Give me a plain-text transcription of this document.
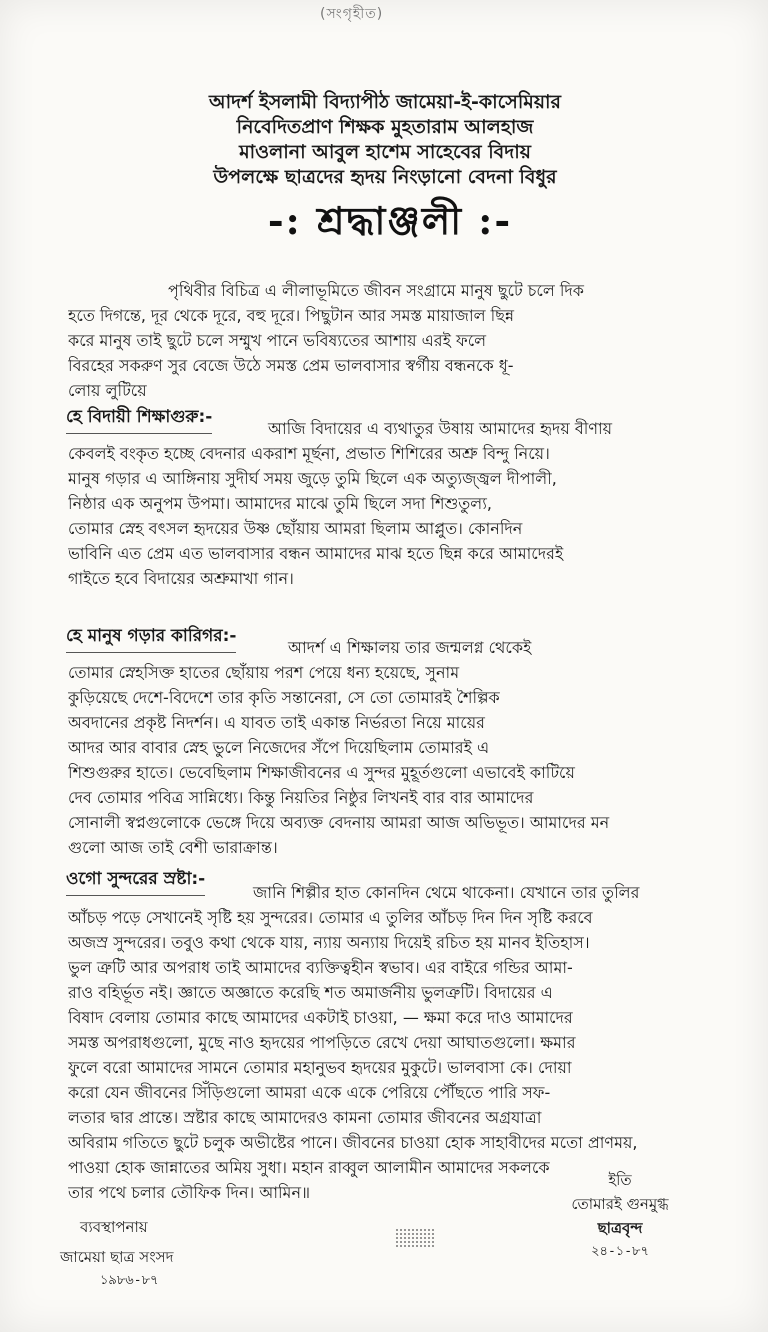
(সংগৃহীত)
আদর্শ ইসলামী বিদ্যাপীঠ জামেয়া-ই-কাসেমিয়ার
নিবেদিতপ্রাণ শিক্ষক মুহতারাম আলহাজ
মাওলানা আবুল হাশেম সাহেবের বিদায়
উপলক্ষে ছাত্রদের হৃদয় নিংড়ানো বেদনা বিধুর
-: শ্রদ্ধাঞ্জলী :-
পৃথিবীর বিচিত্র এ লীলাভূমিতে জীবন সংগ্রামে মানুষ ছুটে চলে দিক
হতে দিগন্তে, দূর থেকে দূরে, বহু দূরে। পিছুটান আর সমস্ত মায়াজাল ছিন্ন
করে মানুষ তাই ছুটে চলে সম্মুখ পানে ভবিষ্যতের আশায় এরই ফলে
বিরহের সকরুণ সুর বেজে উঠে সমস্ত প্রেম ভালবাসার স্বর্গীয় বন্ধনকে ধূ-
লোয় লুটিয়ে
হে বিদায়ী শিক্ষাগুরু:-
আজি বিদায়ের এ ব্যথাতুর উষায় আমাদের হৃদয় বীণায়
কেবলই বংকৃত হচ্ছে বেদনার একরাশ মূর্ছনা, প্রভাত শিশিরের অশ্রু বিন্দু নিয়ে।
মানুষ গড়ার এ আঙ্গিনায় সুদীর্ঘ সময় জুড়ে তুমি ছিলে এক অত্যুজ্জ্বল দীপালী,
নিষ্ঠার এক অনুপম উপমা। আমাদের মাঝে তুমি ছিলে সদা শিশুতুল্য,
তোমার স্নেহ বৎসল হৃদয়ের উষ্ণ ছোঁয়ায় আমরা ছিলাম আপ্লুত। কোনদিন
ভাবিনি এত প্রেম এত ভালবাসার বন্ধন আমাদের মাঝ হতে ছিন্ন করে আমাদেরই
গাইতে হবে বিদায়ের অশ্রুমাখা গান।
হে মানুষ গড়ার কারিগর:-
আদর্শ এ শিক্ষালয় তার জন্মলগ্ন থেকেই
তোমার স্নেহসিক্ত হাতের ছোঁয়ায় পরশ পেয়ে ধন্য হয়েছে, সুনাম
কুড়িয়েছে দেশে-বিদেশে তার কৃতি সন্তানেরা, সে তো তোমারই শৈল্পিক
অবদানের প্রকৃষ্ট নিদর্শন। এ যাবত তাই একান্ত নির্ভরতা নিয়ে মায়ের
আদর আর বাবার স্নেহ ভুলে নিজেদের সঁপে দিয়েছিলাম তোমারই এ
শিশুগুরুর হাতে। ভেবেছিলাম শিক্ষাজীবনের এ সুন্দর মুহূর্তগুলো এভাবেই কাটিয়ে
দেব তোমার পবিত্র সান্নিধ্যে। কিন্তু নিয়তির নিষ্ঠুর লিখনই বার বার আমাদের
সোনালী স্বপ্নগুলোকে ভেঙ্গে দিয়ে অব্যক্ত বেদনায় আমরা আজ অভিভূত। আমাদের মন
গুলো আজ তাই বেশী ভারাক্রান্ত।
ওগো সুন্দরের স্রষ্টা:-
জানি শিল্পীর হাত কোনদিন থেমে থাকেনা। যেখানে তার তুলির
আঁচড় পড়ে সেখানেই সৃষ্টি হয় সুন্দরের। তোমার এ তুলির আঁচড় দিন দিন সৃষ্টি করবে
অজস্র সুন্দরের। তবুও কথা থেকে যায়, ন্যায় অন্যায় দিয়েই রচিত হয় মানব ইতিহাস।
ভুল ত্রুটি আর অপরাধ তাই আমাদের ব্যক্তিত্বহীন স্বভাব। এর বাইরে গন্ডির আমা-
রাও বহির্ভূত নই। জ্ঞাতে অজ্ঞাতে করেছি শত অমার্জনীয় ভুলত্রুটি। বিদায়ের এ
বিষাদ বেলায় তোমার কাছে আমাদের একটাই চাওয়া, — ক্ষমা করে দাও আমাদের
সমস্ত অপরাধগুলো, মুছে নাও হৃদয়ের পাপড়িতে রেখে দেয়া আঘাতগুলো। ক্ষমার
ফুলে বরো আমাদের সামনে তোমার মহানুভব হৃদয়ের মুকুটে। ভালবাসা কে। দোয়া
করো যেন জীবনের সিঁড়িগুলো আমরা একে একে পেরিয়ে পৌঁছতে পারি সফ-
লতার দ্বার প্রান্তে। স্রষ্টার কাছে আমাদেরও কামনা তোমার জীবনের অগ্রযাত্রা
অবিরাম গতিতে ছুটে চলুক অভীষ্টের পানে। জীবনের চাওয়া হোক সাহাবীদের মতো প্রাণময়,
পাওয়া হোক জান্নাতের অমিয় সুধা। মহান রাব্বুল আলামীন আমাদের সকলকে
তার পথে চলার তৌফিক দিন। আমিন॥
ব্যবস্থাপনায়
জামেয়া ছাত্র সংসদ
১৯৮৬-৮৭
ইতি
তোমারই গুনমুগ্ধ
ছাত্রবৃন্দ
২৪-১-৮৭
